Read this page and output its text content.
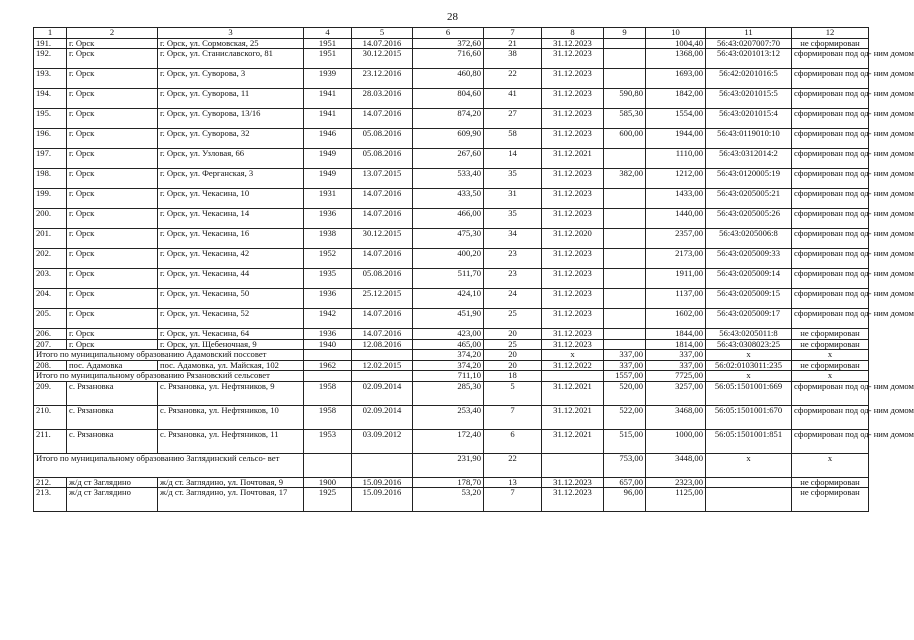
28
1	2	3	4	5	6	7	8	9	10	11	12
191.	г. Орск	г. Орск, ул. Сормовская, 25	1951	14.07.2016	372,60	21	31.12.2023		1004,40	56:43:0207007:70	не сформирован
192.	г. Орск	г. Орск, ул. Станиславского, 81	1951	30.12.2015	716,60	38	31.12.2023		1368,00	56:43:0201013:12	сформирован под од- ним домом
193.	г. Орск	г. Орск, ул. Суворова, 3	1939	23.12.2016	460,80	22	31.12.2023		1693,00	56:42:0201016:5	сформирован под од- ним домом
194.	г. Орск	г. Орск, ул. Суворова, 11	1941	28.03.2016	804,60	41	31.12.2023	590,80	1842,00	56:43:0201015:5	сформирован под од- ним домом
195.	г. Орск	г. Орск, ул. Суворова, 13/16	1941	14.07.2016	874,20	27	31.12.2023	585,30	1554,00	56:43:0201015:4	сформирован под од- ним домом
196.	г. Орск	г. Орск, ул. Суворова, 32	1946	05.08.2016	609,90	58	31.12.2023	600,00	1944,00	56:43:0119010:10	сформирован под од- ним домом
197.	г. Орск	г. Орск, ул. Узловая, 66	1949	05.08.2016	267,60	14	31.12.2021		1110,00	56:43:0312014:2	сформирован под од- ним домом
198.	г. Орск	г. Орск, ул. Ферганская, 3	1949	13.07.2015	533,40	35	31.12.2023	382,00	1212,00	56:43:0120005:19	сформирован под од- ним домом
199.	г. Орск	г. Орск, ул. Чекасина, 10	1931	14.07.2016	433,50	31	31.12.2023		1433,00	56:43:0205005:21	сформирован под од- ним домом
200.	г. Орск	г. Орск, ул. Чекасина, 14	1936	14.07.2016	466,00	35	31.12.2023		1440,00	56:43:0205005:26	сформирован под од- ним домом
201.	г. Орск	г. Орск, ул. Чекасина, 16	1938	30.12.2015	475,30	34	31.12.2020		2357,00	56:43:0205006:8	сформирован под од- ним домом
202.	г. Орск	г. Орск, ул. Чекасина, 42	1952	14.07.2016	400,20	23	31.12.2023		2173,00	56:43:0205009:33	сформирован под од- ним домом
203.	г. Орск	г. Орск, ул. Чекасина, 44	1935	05.08.2016	511,70	23	31.12.2023		1911,00	56:43:0205009:14	сформирован под од- ним домом
204.	г. Орск	г. Орск, ул. Чекасина, 50	1936	25.12.2015	424,10	24	31.12.2023		1137,00	56:43:0205009:15	сформирован под од- ним домом
205.	г. Орск	г. Орск, ул. Чекасина, 52	1942	14.07.2016	451,90	25	31.12.2023		1602,00	56:43:0205009:17	сформирован под од- ним домом
206.	г. Орск	г. Орск, ул. Чекасина, 64	1936	14.07.2016	423,00	20	31.12.2023		1844,00	56:43:0205011:8	не сформирован
207.	г. Орск	г. Орск, ул. Щебеночная, 9	1940	12.08.2016	465,00	25	31.12.2023		1814,00	56:43:0308023:25	не сформирован
Итого по муниципальному образованию Адамовский поссовет					374,20	20	x	337,00	337,00	x	x
208.	пос. Адамовка	пос. Адамовка, ул. Майская, 102	1962	12.02.2015	374,20	20	31.12.2022	337,00	337,00	56:02:0103011:235	не сформирован
Итого по муниципальному образованию Рязановский сельсовет					711,10	18		1557,00	7725,00	x	x
209.	с. Рязановка	с. Рязановка, ул. Нефтяников, 9	1958	02.09.2014	285,30	5	31.12.2021	520,00	3257,00	56:05:1501001:669	сформирован под од- ним домом
210.	с. Рязановка	с. Рязановка, ул. Нефтяников, 10	1958	02.09.2014	253,40	7	31.12.2021	522,00	3468,00	56:05:1501001:670	сформирован под од- ним домом
211.	с. Рязановка	с. Рязановка, ул. Нефтяников, 11	1953	03.09.2012	172,40	6	31.12.2021	515,00	1000,00	56:05:1501001:851	сформирован под од- ним домом
Итого по муниципальному образованию Заглядинский сельсо- вет					231,90	22		753,00	3448,00	x	x
212.	ж/д ст Заглядино	ж/д ст. Заглядино, ул. Почтовая, 9	1900	15.09.2016	178,70	13	31.12.2023	657,00	2323,00		не сформирован
213.	ж/д ст Заглядино	ж/д ст. Заглядино, ул. Почтовая, 17	1925	15.09.2016	53,20	7	31.12.2023	96,00	1125,00		не сформирован
